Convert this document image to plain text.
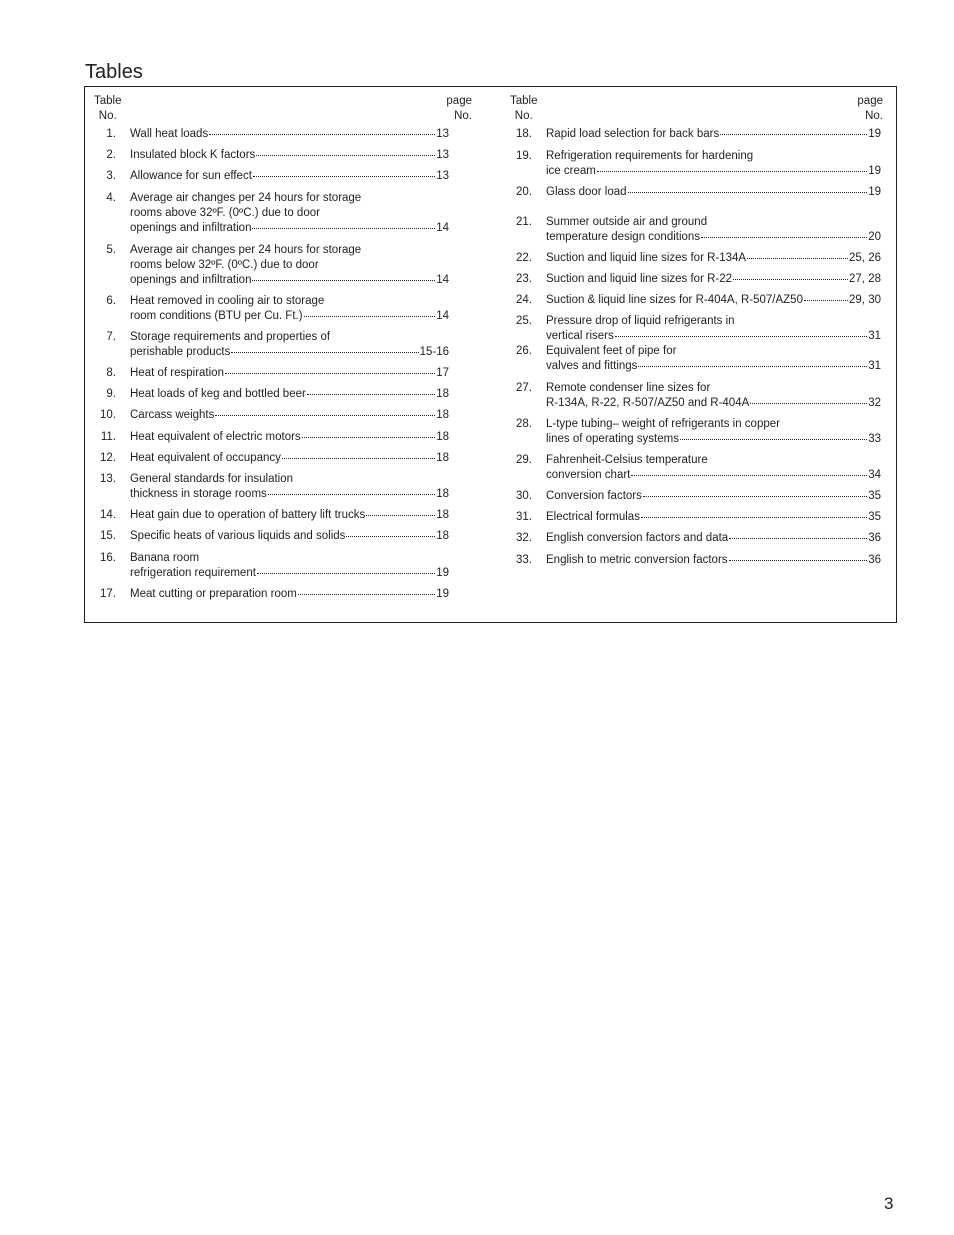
Tables
Table
No.
page
No.
1. Wall heat loads	13
2. Insulated block K factors	13
3. Allowance for sun effect	13
4. Average air changes per 24 hours for storage
rooms above 32ºF. (0ºC.) due to door
openings and infiltration	14
5. Average air changes per 24 hours for storage
rooms below 32ºF. (0ºC.) due to door
openings and infiltration	14
6. Heat removed in cooling air to storage
room conditions (BTU per Cu. Ft.)	14
7. Storage requirements and properties of
perishable products	15-16
8. Heat of respiration	17
9. Heat loads of keg and bottled beer	18
10. Carcass weights	18
11. Heat equivalent of electric motors	18
12. Heat equivalent of occupancy	18
13. General standards for insulation
thickness in storage rooms	18
14. Heat gain due to operation of battery lift trucks	18
15. Specific heats of various liquids and solids	18
16. Banana room
refrigeration requirement	19
17. Meat cutting or preparation room	19
Table
No.
page
No.
18. Rapid load selection for back bars	19
19. Refrigeration requirements for hardening
ice cream	19
20. Glass door load	19
21. Summer outside air and ground
temperature design conditions	20
22. Suction and liquid line sizes for R-134A	25, 26
23. Suction and liquid line sizes for R-22	27, 28
24. Suction & liquid line sizes for R-404A, R-507/AZ50	29, 30
25. Pressure drop of liquid refrigerants in
vertical risers	31
26. Equivalent feet of pipe for
valves and fittings	31
27. Remote condenser line sizes for
R-134A, R-22, R-507/AZ50 and R-404A	32
28. L-type tubing– weight of refrigerants in copper
lines of operating systems	33
29. Fahrenheit-Celsius temperature
conversion chart	34
30. Conversion factors	35
31. Electrical formulas	35
32. English conversion factors and data	36
33. English to metric conversion factors	36
3
